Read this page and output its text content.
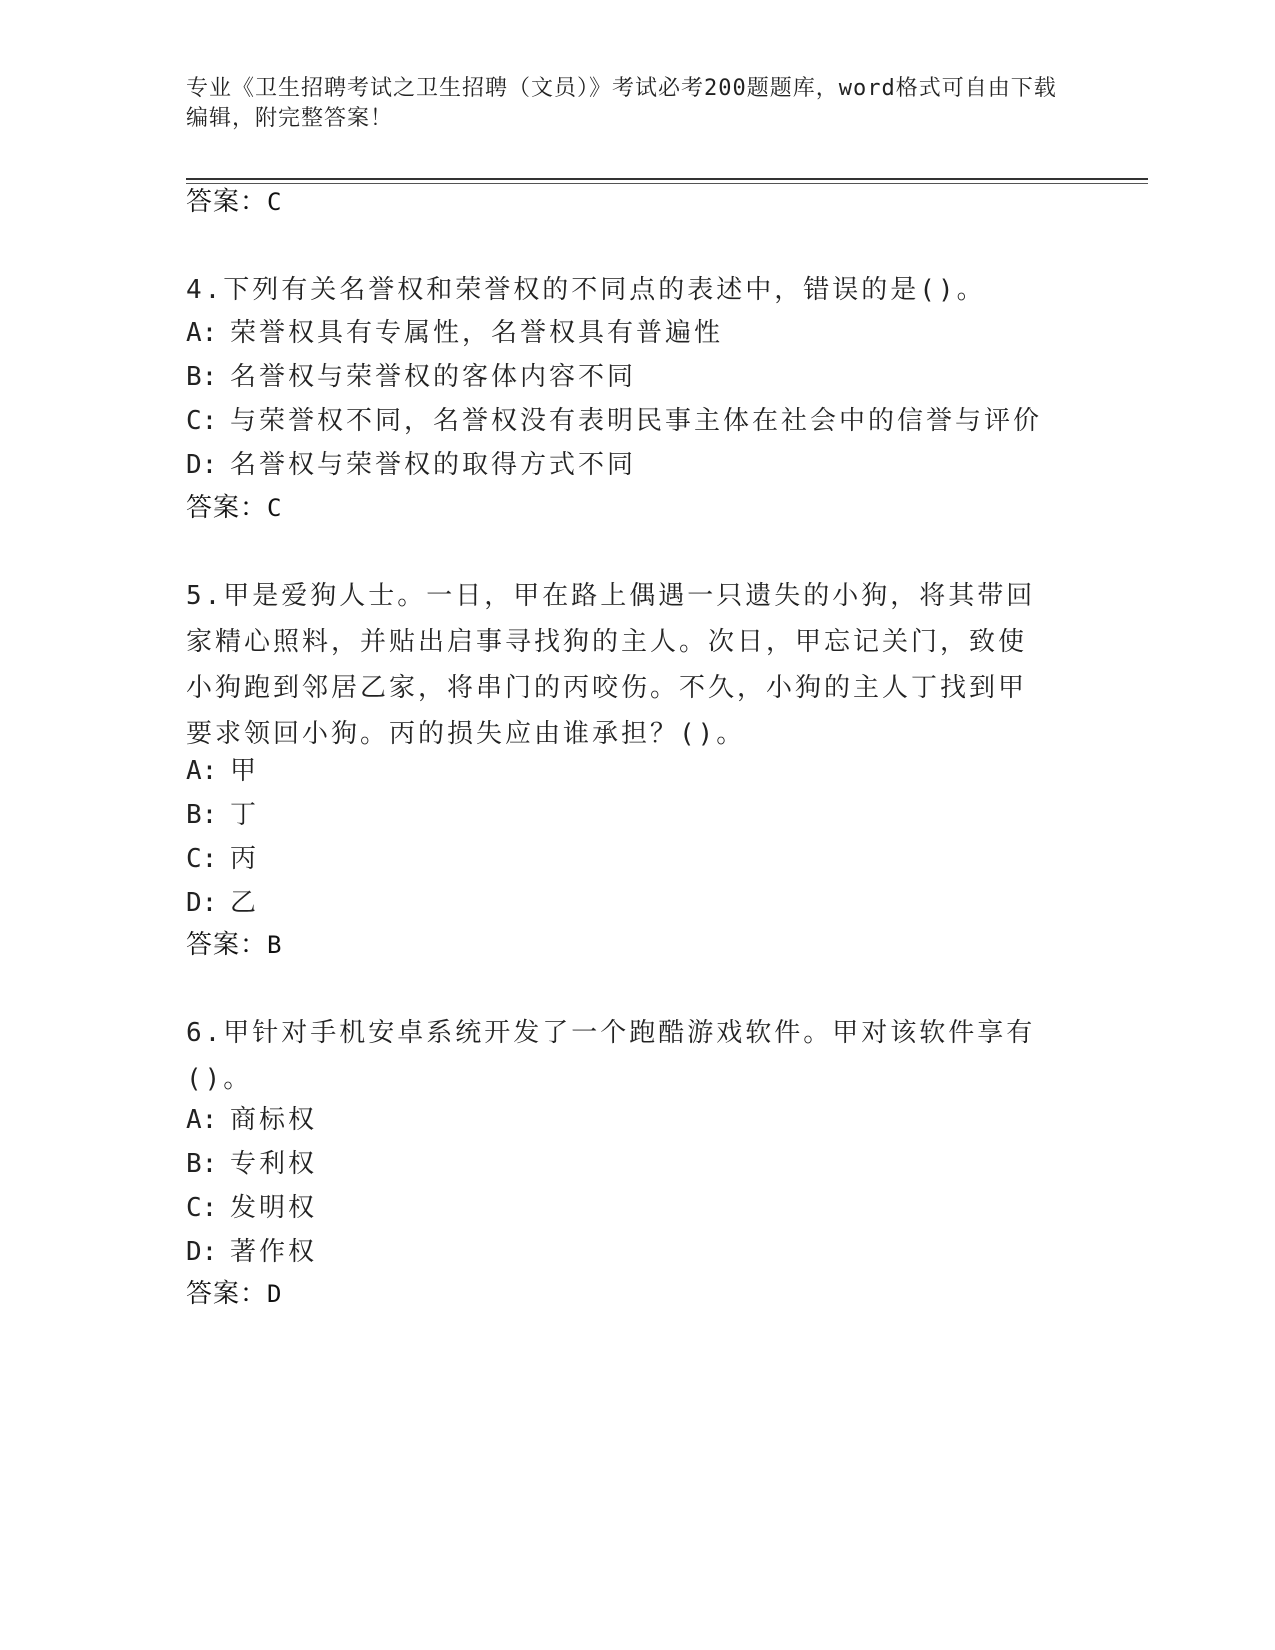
专业《卫生招聘考试之卫生招聘（文员）》考试必考200题题库，word格式可自由下载编辑，附完整答案！
答案：C
4.下列有关名誉权和荣誉权的不同点的表述中，错误的是()。
A: 荣誉权具有专属性，名誉权具有普遍性
B: 名誉权与荣誉权的客体内容不同
C: 与荣誉权不同，名誉权没有表明民事主体在社会中的信誉与评价
D: 名誉权与荣誉权的取得方式不同
答案：C
5.甲是爱狗人士。一日，甲在路上偶遇一只遗失的小狗，将其带回家精心照料，并贴出启事寻找狗的主人。次日，甲忘记关门，致使小狗跑到邻居乙家，将串门的丙咬伤。不久，小狗的主人丁找到甲要求领回小狗。丙的损失应由谁承担？()。
A: 甲
B: 丁
C: 丙
D: 乙
答案：B
6.甲针对手机安卓系统开发了一个跑酷游戏软件。甲对该软件享有()。
A: 商标权
B: 专利权
C: 发明权
D: 著作权
答案：D
